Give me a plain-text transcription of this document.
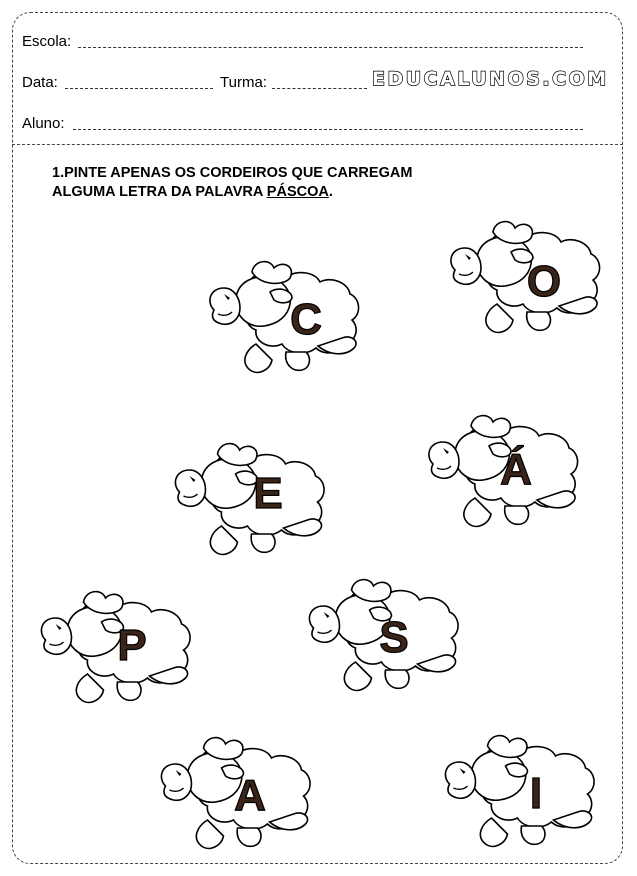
Escola:
Data:	Turma:	EDUCALUNOS.COM
Aluno:
1.PINTE APENAS OS CORDEIROS QUE CARREGAM
ALGUMA LETRA DA PALAVRA PÁSCOA.
C
O
E	Á
P	S
A	I
